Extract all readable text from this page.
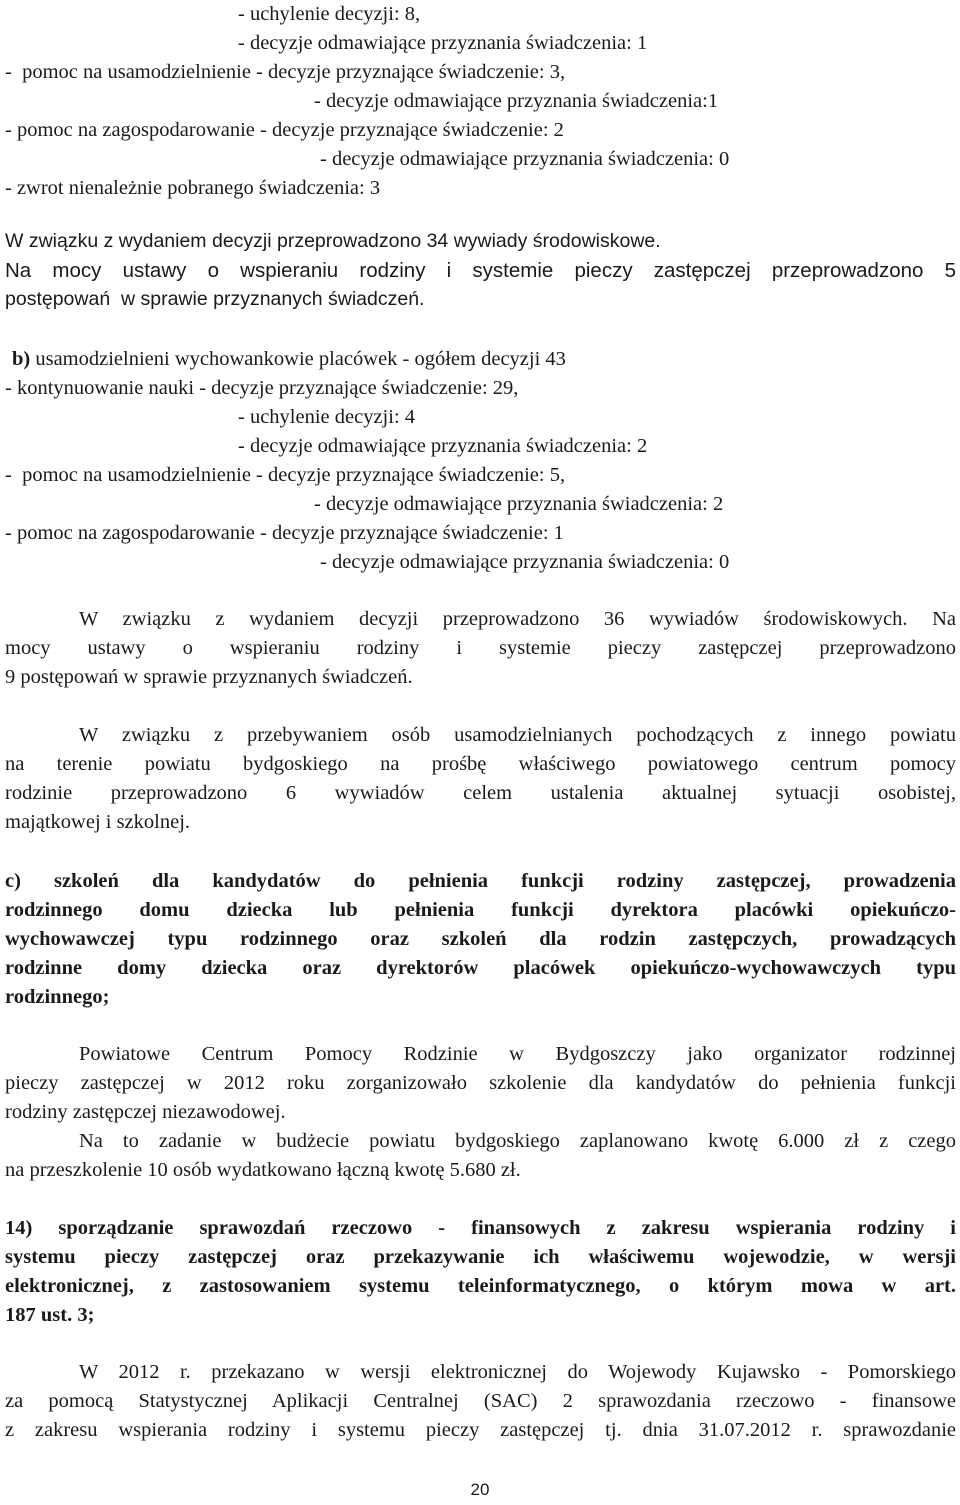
- uchylenie decyzji: 8,
- decyzje odmawiające przyznania świadczenia: 1
-  pomoc na usamodzielnienie - decyzje przyznające świadczenie: 3,
- decyzje odmawiające przyznania świadczenia:1
- pomoc na zagospodarowanie - decyzje przyznające świadczenie: 2
- decyzje odmawiające przyznania świadczenia: 0
- zwrot nienależnie pobranego świadczenia: 3
W związku z wydaniem decyzji przeprowadzono 34 wywiady środowiskowe.
Na mocy ustawy o wspieraniu rodziny i systemie pieczy zastępczej przeprowadzono 5
postępowań  w sprawie przyznanych świadczeń.
b) usamodzielnieni wychowankowie placówek - ogółem decyzji 43
- kontynuowanie nauki - decyzje przyznające świadczenie: 29,
- uchylenie decyzji: 4
- decyzje odmawiające przyznania świadczenia: 2
-  pomoc na usamodzielnienie - decyzje przyznające świadczenie: 5,
- decyzje odmawiające przyznania świadczenia: 2
- pomoc na zagospodarowanie - decyzje przyznające świadczenie: 1
- decyzje odmawiające przyznania świadczenia: 0
W związku z wydaniem decyzji przeprowadzono 36 wywiadów środowiskowych. Na
mocy ustawy o wspieraniu rodziny i systemie pieczy zastępczej przeprowadzono
9 postępowań w sprawie przyznanych świadczeń.
W związku z przebywaniem osób usamodzielnianych pochodzących z innego powiatu
na terenie powiatu bydgoskiego na prośbę właściwego powiatowego centrum pomocy
rodzinie przeprowadzono 6 wywiadów celem ustalenia aktualnej sytuacji osobistej,
majątkowej i szkolnej.
c) szkoleń dla kandydatów do pełnienia funkcji rodziny zastępczej, prowadzenia
rodzinnego domu dziecka lub pełnienia funkcji dyrektora placówki opiekuńczo-
wychowawczej typu rodzinnego oraz szkoleń dla rodzin zastępczych, prowadzących
rodzinne domy dziecka oraz dyrektorów placówek opiekuńczo-wychowawczych typu
rodzinnego;
Powiatowe Centrum Pomocy Rodzinie w Bydgoszczy jako organizator rodzinnej
pieczy zastępczej w 2012 roku zorganizowało szkolenie dla kandydatów do pełnienia funkcji
rodziny zastępczej niezawodowej.
Na to zadanie w budżecie powiatu bydgoskiego zaplanowano kwotę 6.000 zł z czego
na przeszkolenie 10 osób wydatkowano łączną kwotę 5.680 zł.
14) sporządzanie sprawozdań rzeczowo - finansowych z zakresu wspierania rodziny i
systemu pieczy zastępczej oraz przekazywanie ich właściwemu wojewodzie, w wersji
elektronicznej, z zastosowaniem systemu teleinformatycznego, o którym mowa w art.
187 ust. 3;
W 2012 r. przekazano w wersji elektronicznej do Wojewody Kujawsko - Pomorskiego
za pomocą Statystycznej Aplikacji Centralnej (SAC) 2 sprawozdania rzeczowo - finansowe
z zakresu wspierania rodziny i systemu pieczy zastępczej tj. dnia 31.07.2012 r. sprawozdanie
20
